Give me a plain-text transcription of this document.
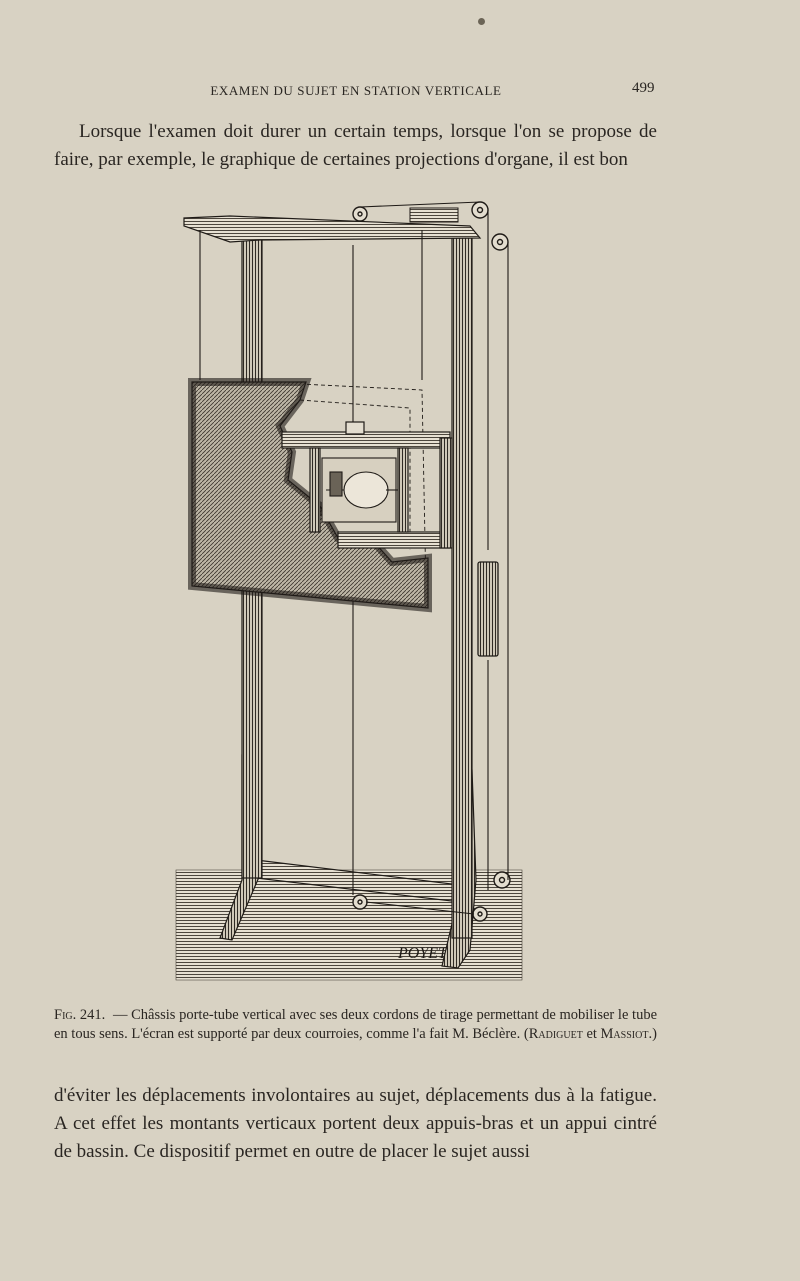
EXAMEN DU SUJET EN STATION VERTICALE	499
Lorsque l'examen doit durer un certain temps, lorsque l'on se propose de faire, par exemple, le graphique de certaines projections d'organe, il est bon
POYET
Fig. 241. — Châssis porte-tube vertical avec ses deux cordons de tirage permettant de mobiliser le tube en tous sens. L'écran est supporté par deux courroies, comme l'a fait M. Béclère. (Radiguet et Massiot.)
d'éviter les déplacements involontaires au sujet, déplacements dus à la fatigue. A cet effet les montants verticaux portent deux appuis-bras et un appui cintré de bassin. Ce dispositif permet en outre de placer le sujet aussi
